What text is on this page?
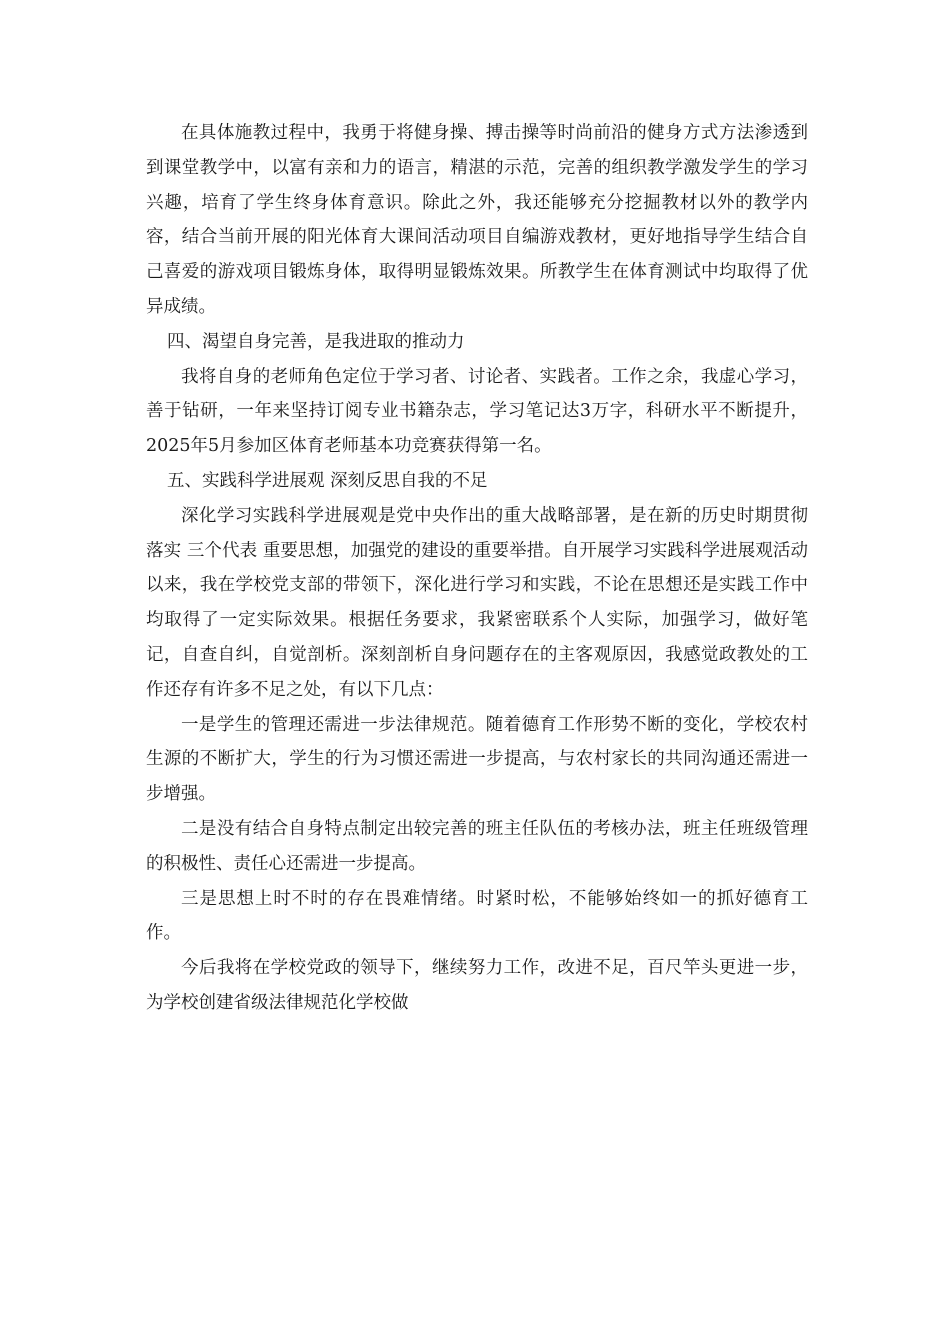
在具体施教过程中，我勇于将健身操、搏击操等时尚前沿的健身方式方法渗透到到课堂教学中，以富有亲和力的语言，精湛的示范，完善的组织教学激发学生的学习兴趣，培育了学生终身体育意识。除此之外，我还能够充分挖掘教材以外的教学内容，结合当前开展的阳光体育大课间活动项目自编游戏教材，更好地指导学生结合自己喜爱的游戏项目锻炼身体，取得明显锻炼效果。所教学生在体育测试中均取得了优异成绩。

四、渴望自身完善，是我进取的推动力

我将自身的老师角色定位于学习者、讨论者、实践者。工作之余，我虚心学习，善于钻研，一年来坚持订阅专业书籍杂志，学习笔记达3万字，科研水平不断提升，2025年5月参加区体育老师基本功竞赛获得第一名。

五、实践科学进展观 深刻反思自我的不足

深化学习实践科学进展观是党中央作出的重大战略部署，是在新的历史时期贯彻落实 三个代表 重要思想，加强党的建设的重要举措。自开展学习实践科学进展观活动以来，我在学校党支部的带领下，深化进行学习和实践，不论在思想还是实践工作中均取得了一定实际效果。根据任务要求，我紧密联系个人实际，加强学习，做好笔记，自查自纠，自觉剖析。深刻剖析自身问题存在的主客观原因，我感觉政教处的工作还存有许多不足之处，有以下几点：

一是学生的管理还需进一步法律规范。随着德育工作形势不断的变化，学校农村生源的不断扩大，学生的行为习惯还需进一步提高，与农村家长的共同沟通还需进一步增强。

二是没有结合自身特点制定出较完善的班主任队伍的考核办法，班主任班级管理的积极性、责任心还需进一步提高。

三是思想上时不时的存在畏难情绪。时紧时松，不能够始终如一的抓好德育工作。

今后我将在学校党政的领导下，继续努力工作，改进不足，百尺竿头更进一步，为学校创建省级法律规范化学校做
